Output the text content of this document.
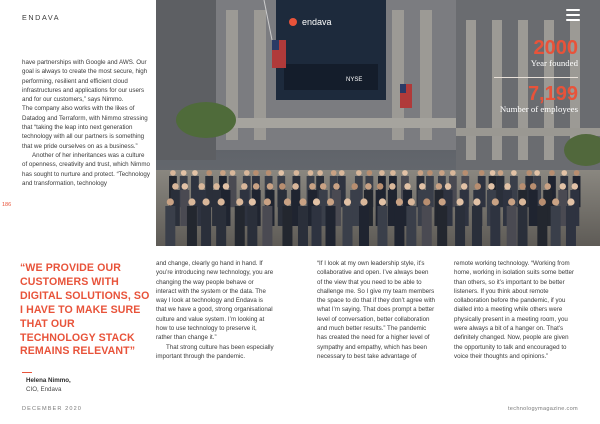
ENDAVA
186
endava
NYSE
2000
Year founded
7,199
Number of employees

have partnerships with Google and AWS. Our goal is always to create the most secure, high performing, resilient and efficient cloud infrastructures and applications for our users and for our customers,” says Nimmo.

The company also works with the likes of Datadog and Terraform, with Nimmo stressing that “taking the leap into next generation technology with all our partners is something that we pride ourselves on as a business.”

Another of her inheritances was a culture of openness, creativity and trust, which Nimmo has sought to nurture and protect. “Technology and transformation, technology

“WE PROVIDE OUR CUSTOMERS WITH DIGITAL SOLUTIONS, SO I HAVE TO MAKE SURE THAT OUR TECHNOLOGY STACK REMAINS RELEVANT”
Helena Nimmo,
CIO, Endava

and change, clearly go hand in hand. If you’re introducing new technology, you are changing the way people behave or interact with the system or the data. The way I look at technology and Endava is that we have a good, strong organisational culture and value system. I’m looking at how to use technology to preserve it, rather than change it.”

That strong culture has been especially important through the pandemic.

“If I look at my own leadership style, it’s collaborative and open. I’ve always been of the view that you need to be able to challenge me. So I give my team members the space to do that if they don’t agree with what I’m saying. That does prompt a better level of conversation, better collaboration and much better results.” The pandemic has created the need for a higher level of sympathy and empathy, which has been necessary to best take advantage of

remote working technology. “Working from home, working in isolation suits some better than others, so it’s important to be better listeners. If you think about remote collaboration before the pandemic, if you dialled into a meeting while others were physically present in a meeting room, you were always a bit of a hanger on. That’s definitely changed. Now, people are given the opportunity to talk and encouraged to voice their thoughts and opinions.”

DECEMBER 2020	technologymagazine.com
